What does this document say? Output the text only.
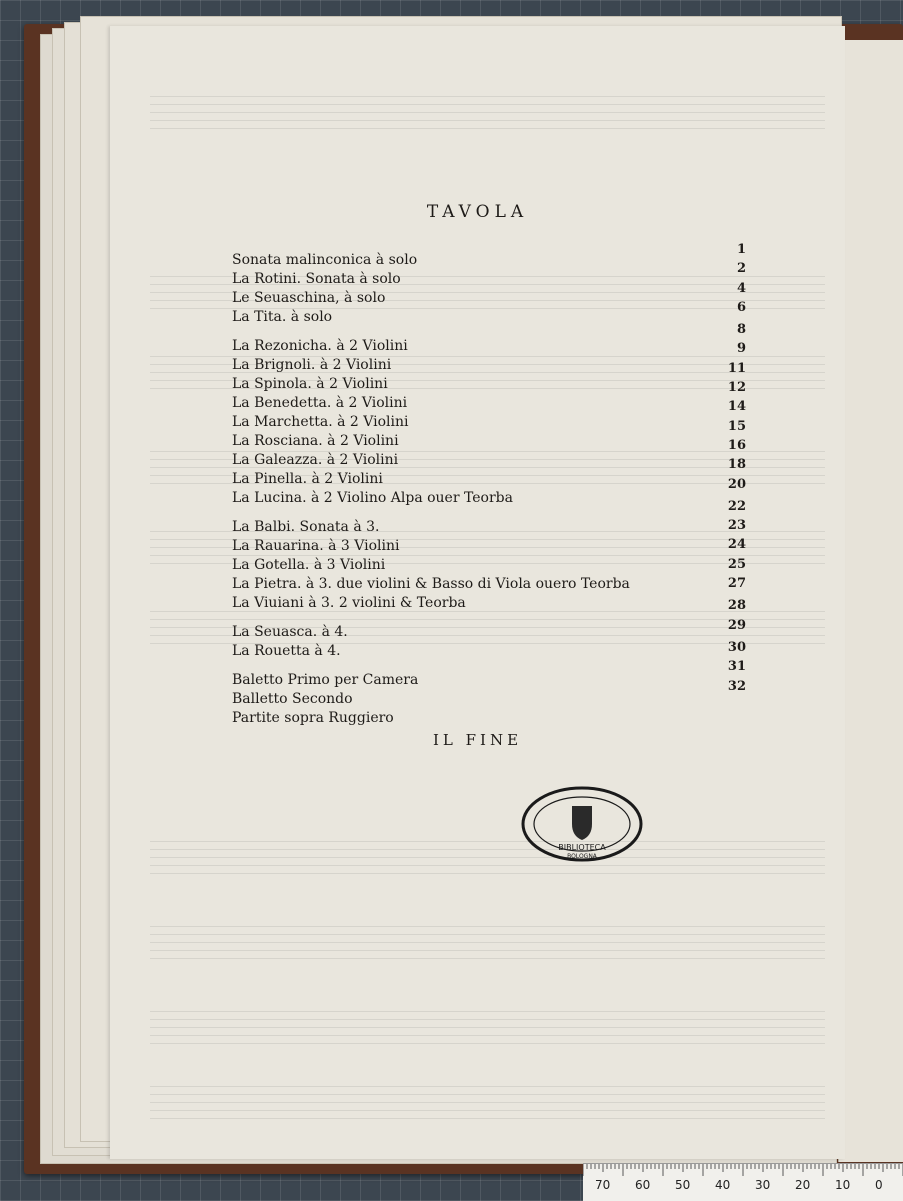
TAVOLA
Sonata malinconica à solo
La Rotini. Sonata à solo
Le Seuaschina, à solo
La Tita. à solo
La Rezonicha. à 2 Violini
La Brignoli. à 2 Violini
La Spinola. à 2 Violini
La Benedetta. à 2 Violini
La Marchetta. à 2 Violini
La Rosciana. à 2 Violini
La Galeazza. à 2 Violini
La Pinella. à 2 Violini
La Lucina. à 2 Violino Alpa ouer Teorba
La Balbi. Sonata à 3.
La Rauarina. à 3 Violini
La Gotella. à 3 Violini
La Pietra. à 3. due violini & Basso di Viola ouero Teorba
La Viuiani à 3. 2 violini & Teorba
La Seuasca. à 4.
La Rouetta à 4.
Baletto Primo per Camera
Balletto Secondo
Partite sopra Ruggiero
1
2
4
6
8
9
11
12
14
15
16
18
20
22
23
24
25
27
28
29
30
31
32
IL FINE
BIBLIOTECA
BOLOGNA
70 60 50 40 30 20 10 0
